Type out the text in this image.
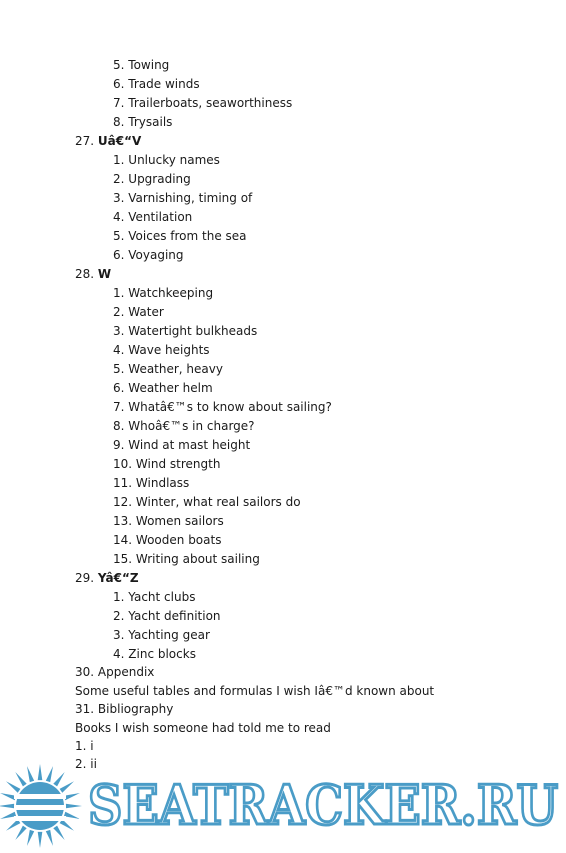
5. Towing
6. Trade winds
7. Trailerboats, seaworthiness
8. Trysails
27. Uâ€“V
1. Unlucky names
2. Upgrading
3. Varnishing, timing of
4. Ventilation
5. Voices from the sea
6. Voyaging
28. W
1. Watchkeeping
2. Water
3. Watertight bulkheads
4. Wave heights
5. Weather, heavy
6. Weather helm
7. Whatâ€™s to know about sailing?
8. Whoâ€™s in charge?
9. Wind at mast height
10. Wind strength
11. Windlass
12. Winter, what real sailors do
13. Women sailors
14. Wooden boats
15. Writing about sailing
29. Yâ€“Z
1. Yacht clubs
2. Yacht definition
3. Yachting gear
4. Zinc blocks
30. Appendix
Some useful tables and formulas I wish Iâ€™d known about
31. Bibliography
Books I wish someone had told me to read
1. i
2. ii
SEATRACKER.RU
